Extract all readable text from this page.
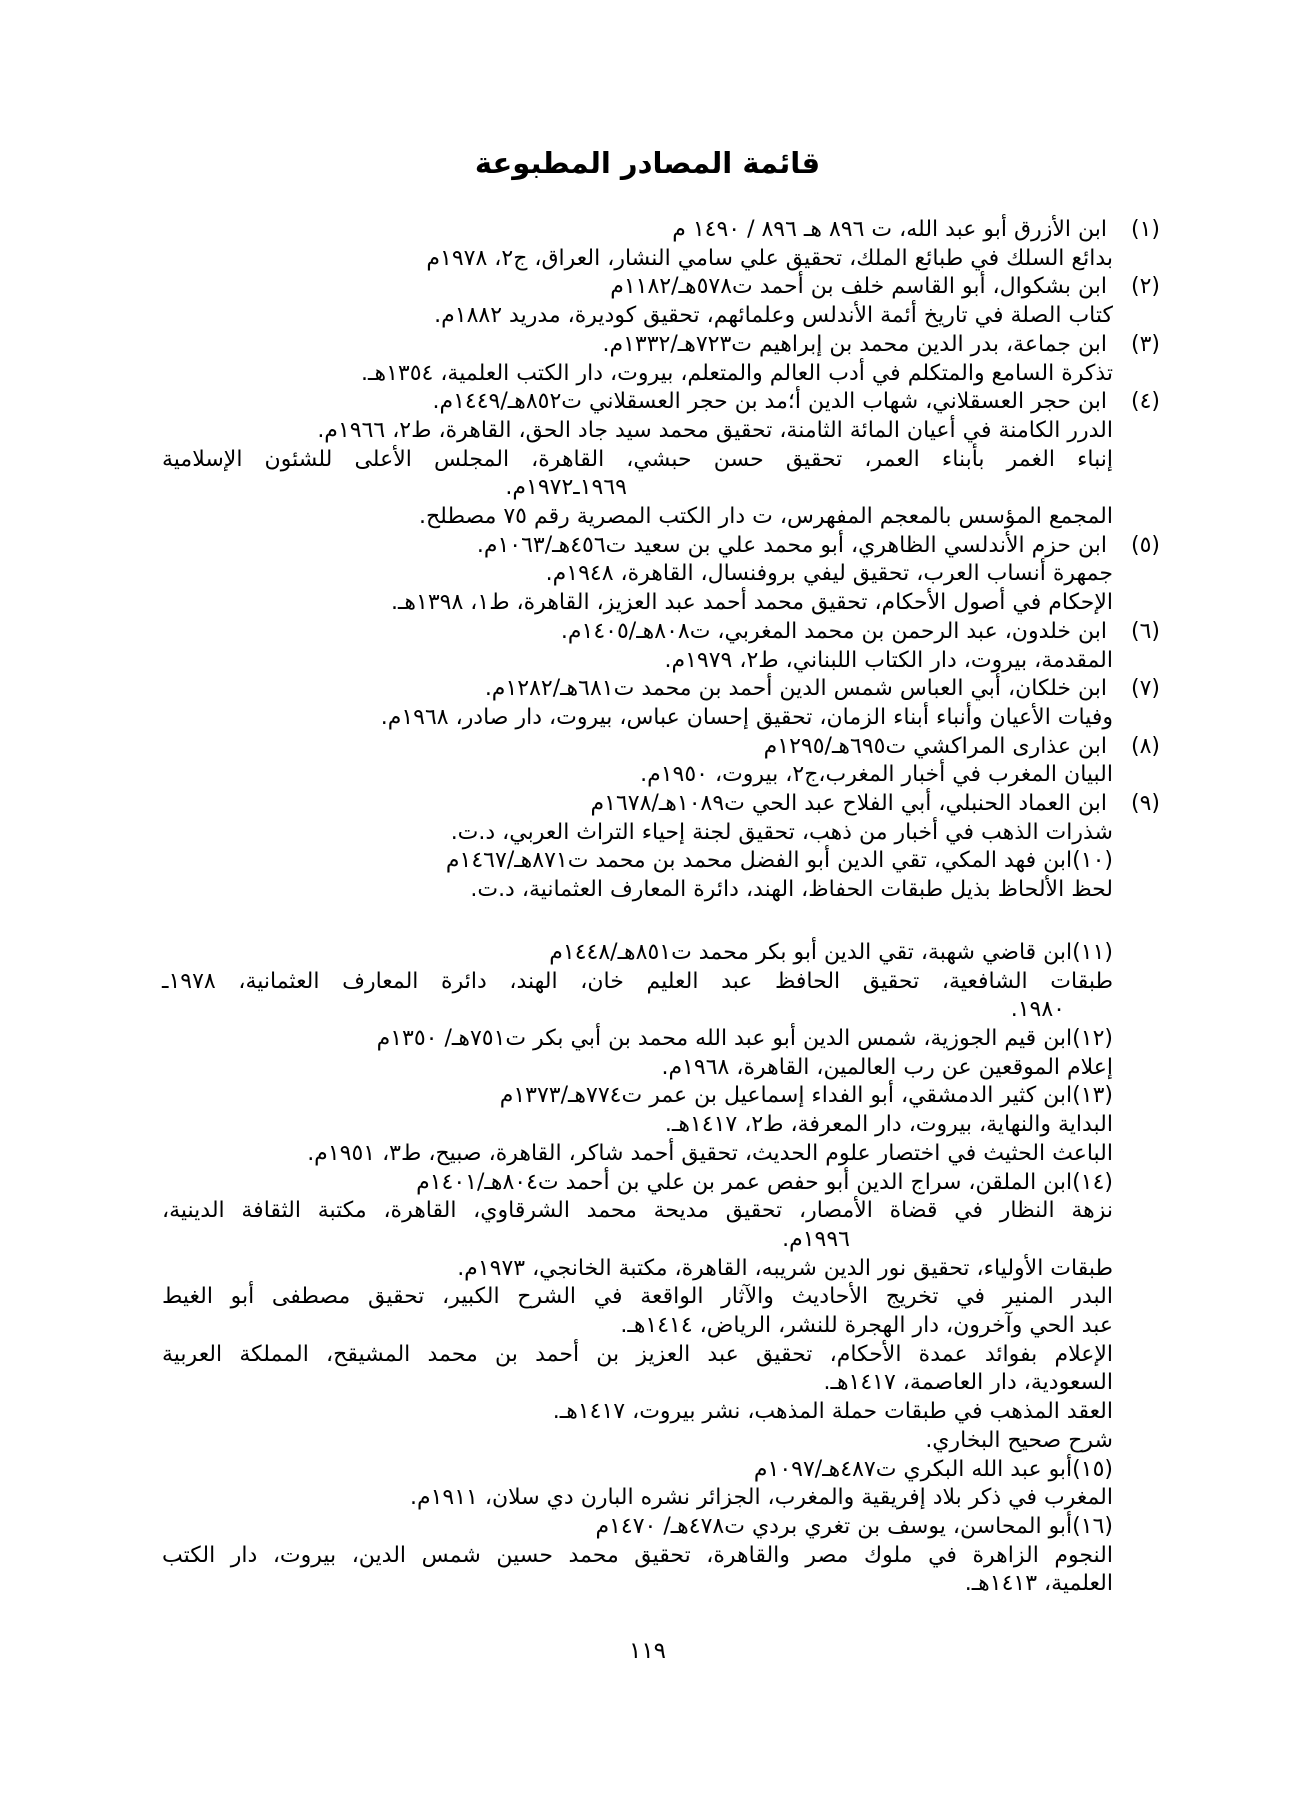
قائمة المصادر المطبوعة
(١)ابن الأزرق أبو عبد الله، ت ٨٩٦ هـ ٨٩٦ / ١٤٩٠ م
بدائع السلك في طبائع الملك، تحقيق علي سامي النشار، العراق، ج٢، ١٩٧٨م
(٢)ابن بشكوال، أبو القاسم خلف بن أحمد ت٥٧٨هـ/١١٨٢م
كتاب الصلة في تاريخ أئمة الأندلس وعلمائهم، تحقيق كوديرة، مدريد ١٨٨٢م.
(٣)ابن جماعة، بدر الدين محمد بن إبراهيم ت٧٢٣هـ/١٣٣٢م.
تذكرة السامع والمتكلم في أدب العالم والمتعلم، بيروت، دار الكتب العلمية، ١٣٥٤هـ.
(٤)ابن حجر العسقلاني، شهاب الدين أ؛مد بن حجر العسقلاني ت٨٥٢هـ/١٤٤٩م.
الدرر الكامنة في أعيان المائة الثامنة، تحقيق محمد سيد جاد الحق، القاهرة، ط٢، ١٩٦٦م.
إنباء الغمر بأبناء العمر، تحقيق حسن حبشي، القاهرة، المجلس الأعلى للشئون الإسلامية
١٩٦٩ـ١٩٧٢م.
المجمع المؤسس بالمعجم المفهرس، ت دار الكتب المصرية رقم ٧٥ مصطلح.
(٥)ابن حزم الأندلسي الظاهري، أبو محمد علي بن سعيد ت٤٥٦هـ/١٠٦٣م.
جمهرة أنساب العرب، تحقيق ليفي بروفنسال، القاهرة، ١٩٤٨م.
الإحكام في أصول الأحكام، تحقيق محمد أحمد عبد العزيز، القاهرة، ط١، ١٣٩٨هـ.
(٦)ابن خلدون، عبد الرحمن بن محمد المغربي، ت٨٠٨هـ/١٤٠٥م.
المقدمة، بيروت، دار الكتاب اللبناني، ط٢، ١٩٧٩م.
(٧)ابن خلكان، أبي العباس شمس الدين أحمد بن محمد ت٦٨١هـ/١٢٨٢م.
وفيات الأعيان وأنباء أبناء الزمان، تحقيق إحسان عباس، بيروت، دار صادر، ١٩٦٨م.
(٨)ابن عذارى المراكشي ت٦٩٥هـ/١٢٩٥م
البيان المغرب في أخبار المغرب،ج٢، بيروت، ١٩٥٠م.
(٩)ابن العماد الحنبلي، أبي الفلاح عبد الحي ت١٠٨٩هـ/١٦٧٨م
شذرات الذهب في أخبار من ذهب، تحقيق لجنة إحياء التراث العربي، د.ت.
(١٠)ابن فهد المكي، تقي الدين أبو الفضل محمد بن محمد ت٨٧١هـ/١٤٦٧م
لحظ الألحاظ بذيل طبقات الحفاظ، الهند، دائرة المعارف العثمانية، د.ت.
(١١)ابن قاضي شهبة، تقي الدين أبو بكر محمد ت٨٥١هـ/١٤٤٨م
طبقات الشافعية، تحقيق الحافظ عبد العليم خان، الهند، دائرة المعارف العثمانية، ١٩٧٨ـ
١٩٨٠.
(١٢)ابن قيم الجوزية، شمس الدين أبو عبد الله محمد بن أبي بكر ت٧٥١هـ/ ١٣٥٠م
إعلام الموقعين عن رب العالمين، القاهرة، ١٩٦٨م.
(١٣)ابن كثير الدمشقي، أبو الفداء إسماعيل بن عمر ت٧٧٤هـ/١٣٧٣م
البداية والنهاية، بيروت، دار المعرفة، ط٢، ١٤١٧هـ.
الباعث الحثيث في اختصار علوم الحديث، تحقيق أحمد شاكر، القاهرة، صبيح، ط٣، ١٩٥١م.
(١٤)ابن الملقن، سراج الدين أبو حفص عمر بن علي بن أحمد ت٨٠٤هـ/١٤٠١م
نزهة النظار في قضاة الأمصار، تحقيق مديحة محمد الشرقاوي، القاهرة، مكتبة الثقافة الدينية،
١٩٩٦م.
طبقات الأولياء، تحقيق نور الدين شريبه، القاهرة، مكتبة الخانجي، ١٩٧٣م.
البدر المنير في تخريج الأحاديث والآثار الواقعة في الشرح الكبير، تحقيق مصطفى أبو الغيط
عبد الحي وآخرون، دار الهجرة للنشر، الرياض، ١٤١٤هـ.
الإعلام بفوائد عمدة الأحكام، تحقيق عبد العزيز بن أحمد بن محمد المشيقح، المملكة العربية
السعودية، دار العاصمة، ١٤١٧هـ.
العقد المذهب في طبقات حملة المذهب، نشر بيروت، ١٤١٧هـ.
شرح صحيح البخاري.
(١٥)أبو عبد الله البكري ت٤٨٧هـ/١٠٩٧م
المغرب في ذكر بلاد إفريقية والمغرب، الجزائر نشره البارن دي سلان، ١٩١١م.
(١٦)أبو المحاسن، يوسف بن تغري بردي ت٤٧٨هـ/ ١٤٧٠م
النجوم الزاهرة في ملوك مصر والقاهرة، تحقيق محمد حسين شمس الدين، بيروت، دار الكتب
العلمية، ١٤١٣هـ.
١١٩
